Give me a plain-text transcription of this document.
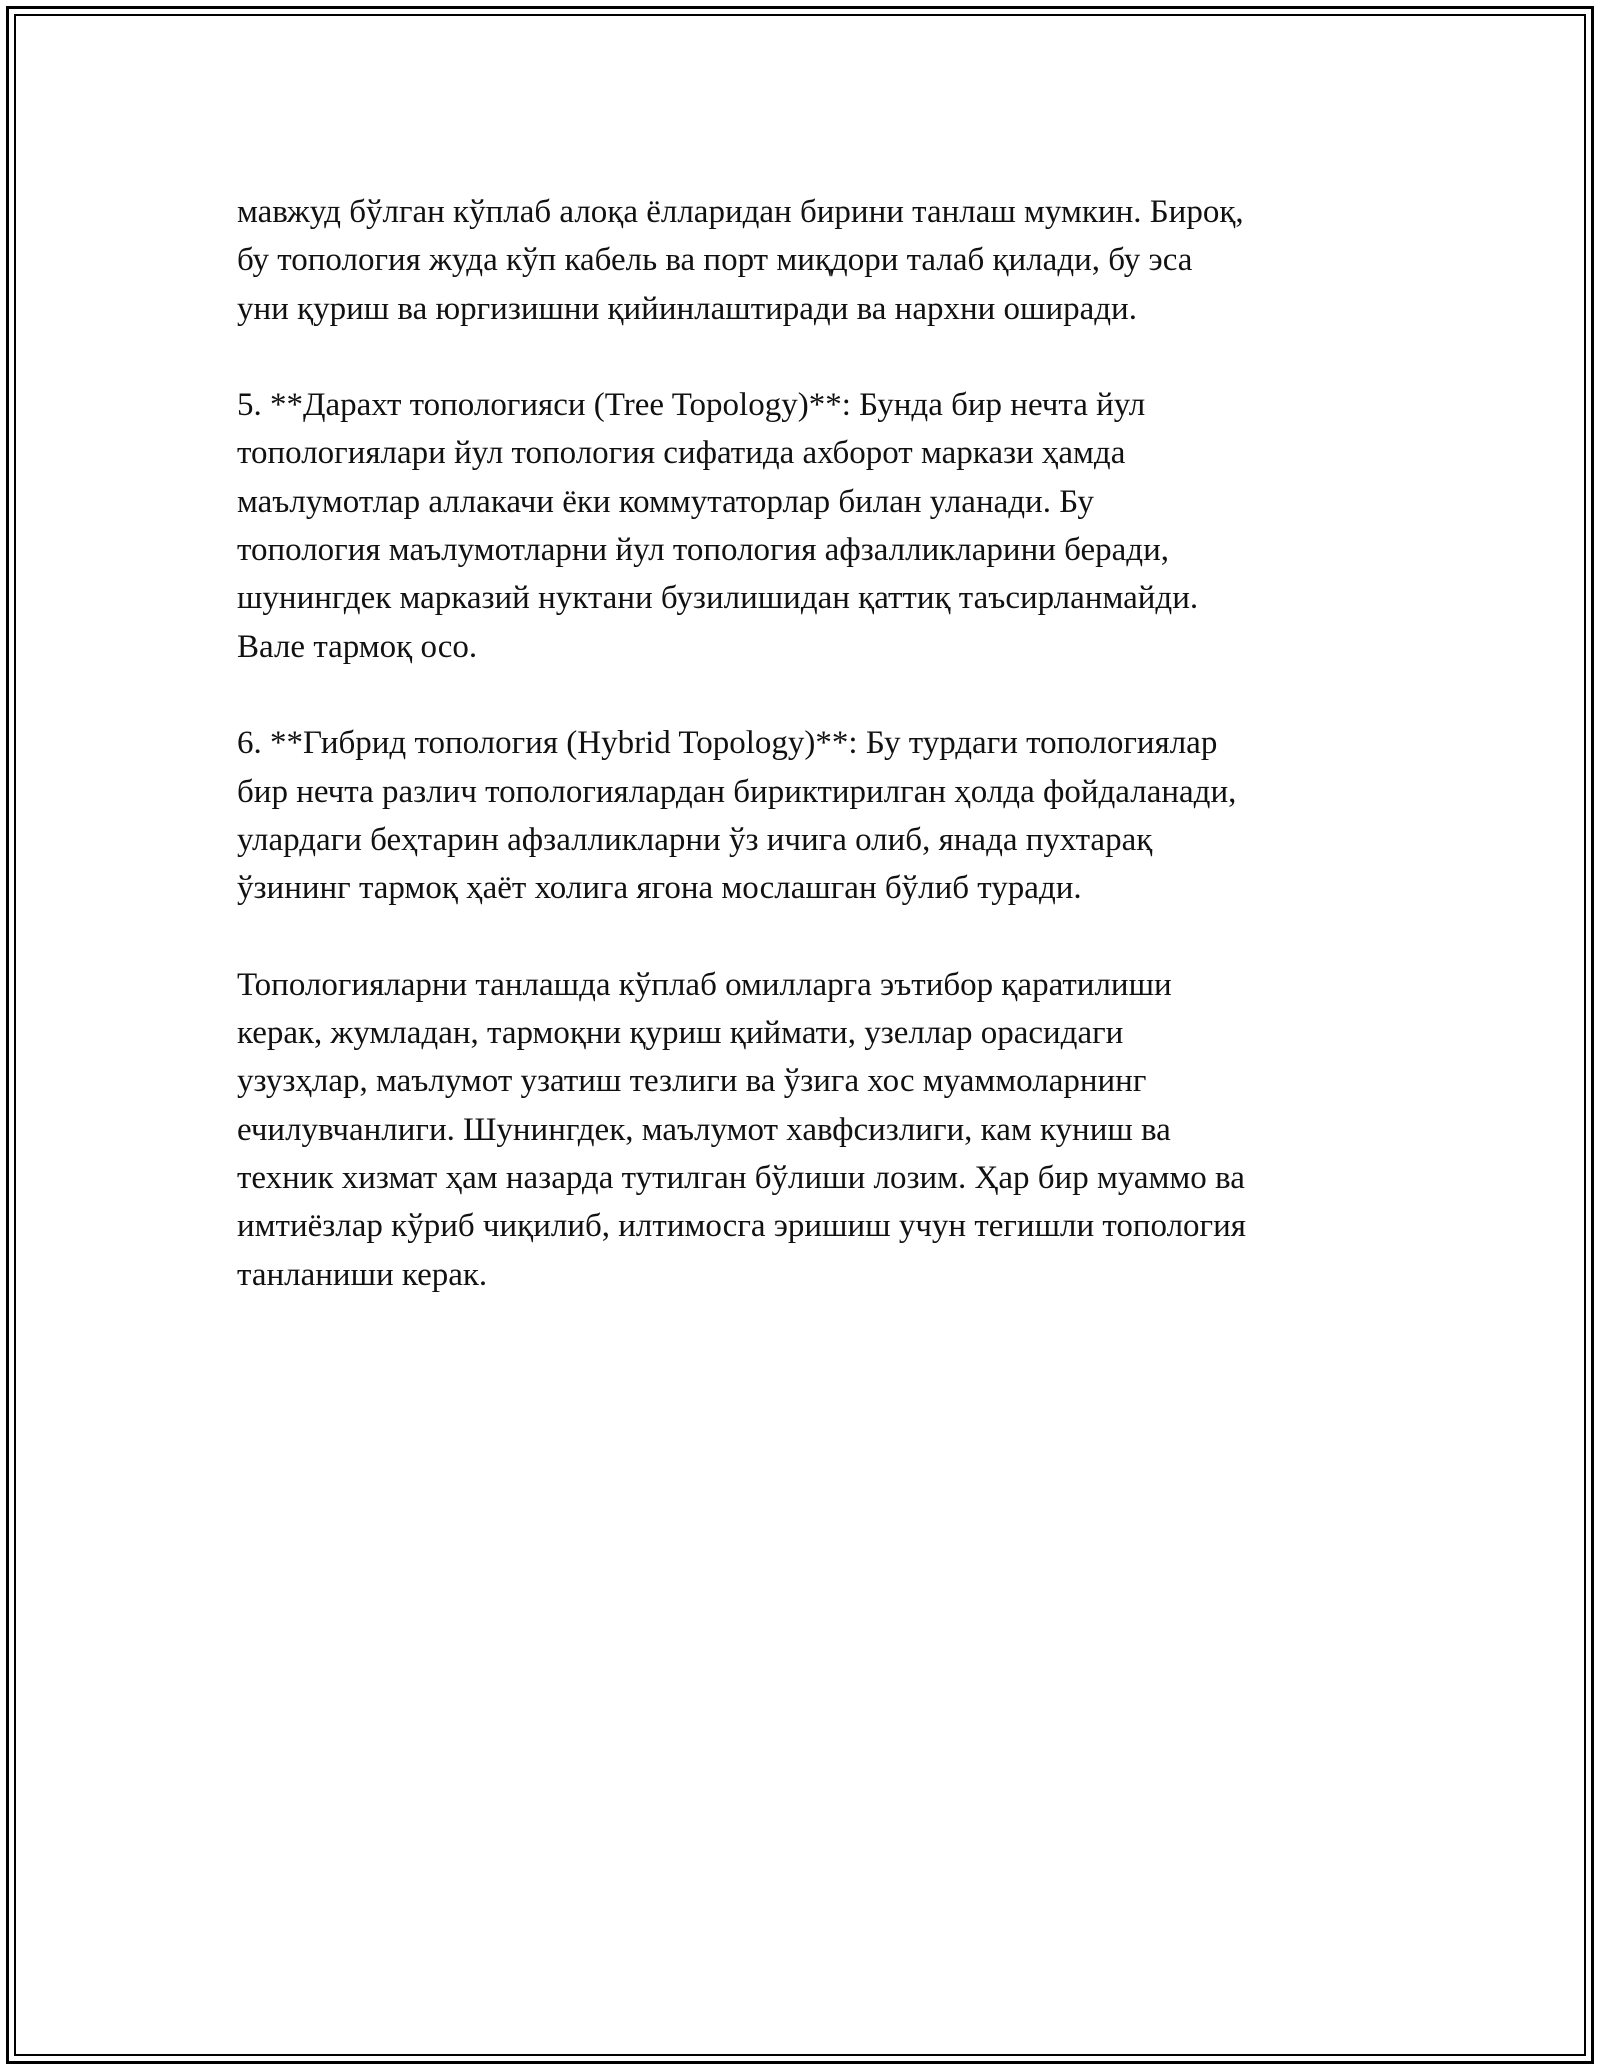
мавжуд бўлган кўплаб алоқа ёлларидан бирини танлаш мумкин. Бироқ,
бу топология жуда кўп кабель ва порт миқдори талаб қилади, бу эса
уни қуриш ва юргизишни қийинлаштиради ва нархни оширади.

5. **Дарахт топологияси (Tree Topology)**: Бунда бир нечта йул
топологиялари йул топология сифатида ахборот маркази ҳамда
маълумотлар аллакачи ёки коммутаторлар билан уланади. Бу
топология маълумотларни йул топология афзалликларини беради,
шунингдек марказий нуктани бузилишидан қаттиқ таъсирланмайди.
Вале тармоқ осо.

6. **Гибрид топология (Hybrid Topology)**: Бу турдаги топологиялар
бир нечта различ топологиялардан бириктирилган ҳолда фойдаланади,
улардаги беҳтарин афзалликларни ўз ичига олиб, янада пухтарақ
ўзининг тармоқ ҳаёт холига ягона мослашган бўлиб туради.

Топологияларни танлашда кўплаб омилларга эътибор қаратилиши
керак, жумладан, тармоқни қуриш қиймати, узеллар орасидаги
узузҳлар, маълумот узатиш тезлиги ва ўзига хос муаммоларнинг
ечилувчанлиги. Шунингдек, маълумот хавфсизлиги, кам куниш ва
техник хизмат ҳам назарда тутилган бўлиши лозим. Ҳар бир муаммо ва
имтиёзлар кўриб чиқилиб, илтимосга эришиш учун тегишли топология
танланиши керак.
